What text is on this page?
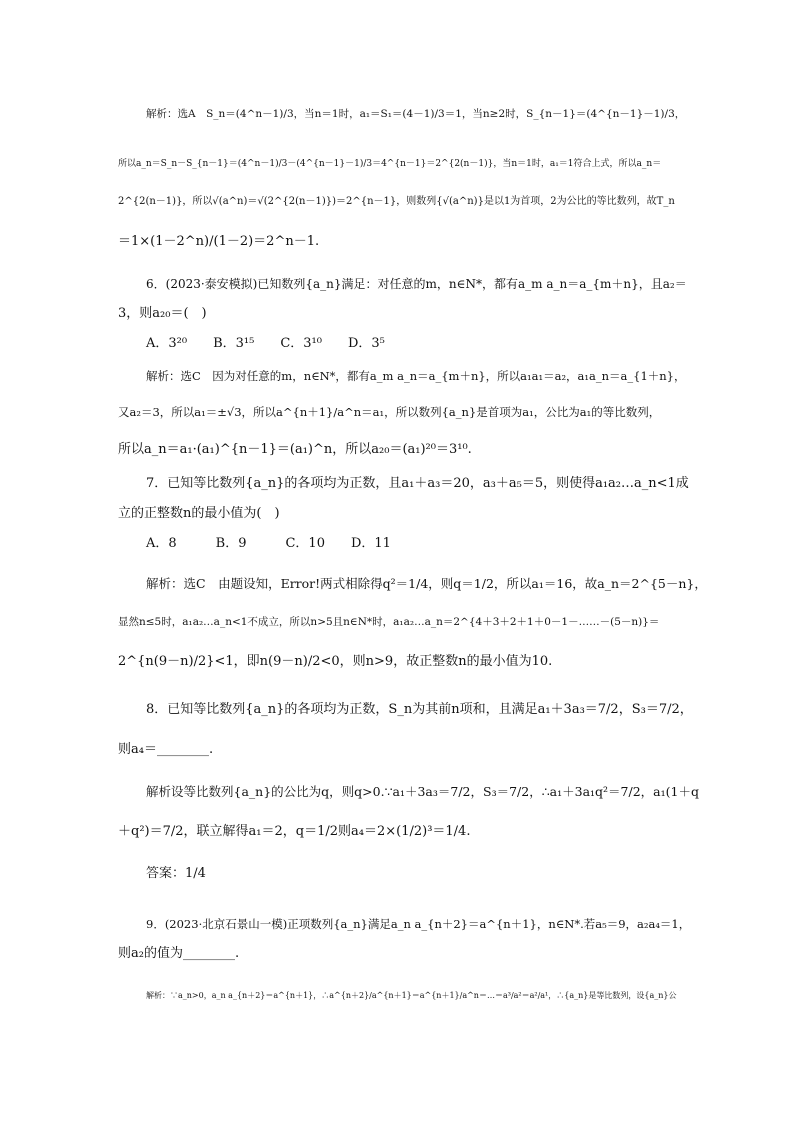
解析：选A　S_n＝(4^n－1)/3，当n＝1时，a₁＝S₁＝(4－1)/3＝1，当n≥2时，S_{n－1}＝(4^{n－1}－1)/3，
所以a_n＝S_n－S_{n－1}＝(4^n－1)/3－(4^{n－1}－1)/3＝4^{n－1}＝2^{2(n－1)}，当n＝1时，a₁＝1符合上式，所以a_n＝
2^{2(n－1)}，所以√(a^n)＝√(2^{2(n－1)})＝2^{n－1}，则数列{√(a^n)}是以1为首项，2为公比的等比数列，故T_n
＝1×(1－2^n)/(1－2)＝2^n－1.
6．(2023·泰安模拟)已知数列{a_n}满足：对任意的m，n∈N*，都有a_m a_n＝a_{m＋n}，且a₂＝
3，则a₂₀＝(　)
A．3²⁰　　B．3¹⁵　　C．3¹⁰　　D．3⁵
解析：选C　因为对任意的m，n∈N*，都有a_m a_n＝a_{m＋n}，所以a₁a₁＝a₂，a₁a_n＝a_{1＋n}，
又a₂＝3，所以a₁＝±√3，所以a^{n＋1}/a^n＝a₁，所以数列{a_n}是首项为a₁，公比为a₁的等比数列，
所以a_n＝a₁·(a₁)^{n－1}＝(a₁)^n，所以a₂₀＝(a₁)²⁰＝3¹⁰.
7．已知等比数列{a_n}的各项均为正数，且a₁＋a₃＝20，a₃＋a₅＝5，则使得a₁a₂…a_n<1成
立的正整数n的最小值为(　)
A．8　　　B．9　　　C．10　　D．11
解析：选C　由题设知，Error!两式相除得q²＝1/4，则q＝1/2，所以a₁＝16，故a_n＝2^{5－n}，
显然n≤5时，a₁a₂…a_n<1不成立，所以n>5且n∈N*时，a₁a₂…a_n＝2^{4＋3＋2＋1＋0－1－……－(5－n)}＝
2^{n(9－n)/2}<1，即n(9－n)/2<0，则n>9，故正整数n的最小值为10.
8．已知等比数列{a_n}的各项均为正数，S_n为其前n项和，且满足a₁＋3a₃＝7/2，S₃＝7/2，
则a₄＝________.
解析设等比数列{a_n}的公比为q，则q>0.∵a₁＋3a₃＝7/2，S₃＝7/2，∴a₁＋3a₁q²＝7/2，a₁(1＋q
＋q²)＝7/2，联立解得a₁＝2，q＝1/2则a₄＝2×(1/2)³＝1/4.
答案：1/4
9．(2023·北京石景山一模)正项数列{a_n}满足a_n a_{n＋2}＝a^{n＋1}，n∈N*.若a₅＝9，a₂a₄＝1，
则a₂的值为________.
解析：∵a_n>0，a_n a_{n＋2}＝a^{n＋1}，∴a^{n＋2}/a^{n＋1}＝a^{n＋1}/a^n＝…＝a³/a²＝a²/a¹，∴{a_n}是等比数列，设{a_n}公
